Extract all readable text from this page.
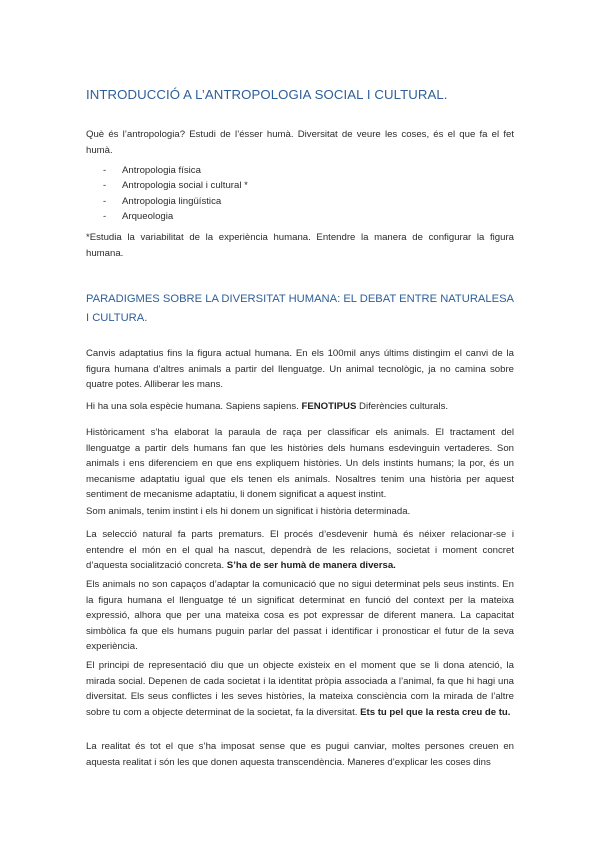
INTRODUCCIÓ A L’ANTROPOLOGIA SOCIAL I CULTURAL.

Què és l’antropologia? Estudi de l’ésser humà. Diversitat de veure les coses, és el que fa el fet humà.

- Antropologia física
- Antropologia social i cultural *
- Antropologia lingüística
- Arqueologia

*Estudia la variabilitat de la experiència humana. Entendre la manera de configurar la figura humana.

PARADIGMES SOBRE LA DIVERSITAT HUMANA: EL DEBAT ENTRE NATURALESA I CULTURA.

Canvis adaptatius fins la figura actual humana. En els 100mil anys últims distingim el canvi de la figura humana d’altres animals a partir del llenguatge. Un animal tecnològic, ja no camina sobre quatre potes. Alliberar les mans.

Hi ha una sola espècie humana. Sapiens sapiens. FENOTIPUS Diferències culturals.

Històricament s’ha elaborat la paraula de raça per classificar els animals. El tractament del llenguatge a partir dels humans fan que les històries dels humans esdevinguin vertaderes. Son animals i ens diferenciem en que ens expliquem històries. Un dels instints humans; la por, és un mecanisme adaptatiu igual que els tenen els animals. Nosaltres tenim una història per aquest sentiment de mecanisme adaptatiu, li donem significat a aquest instint.

Som animals, tenim instint i els hi donem un significat i història determinada.

La selecció natural fa parts prematurs. El procés d’esdevenir humà és néixer relacionar-se i entendre el món en el qual ha nascut, dependrà de les relacions, societat i moment concret d’aquesta socialització concreta. S’ha de ser humà de manera diversa.

Els animals no son capaços d’adaptar la comunicació que no sigui determinat pels seus instints. En la figura humana el llenguatge té un significat determinat en funció del context per la mateixa expressió, alhora que per una mateixa cosa es pot expressar de diferent manera. La capacitat simbòlica fa que els humans puguin parlar del passat i identificar i pronosticar el futur de la seva experiència.

El principi de representació diu que un objecte existeix en el moment que se li dona atenció, la mirada social. Depenen de cada societat i la identitat pròpia associada a l’animal, fa que hi hagi una diversitat. Els seus conflictes i les seves històries, la mateixa consciència com la mirada de l’altre sobre tu com a objecte determinat de la societat, fa la diversitat. Ets tu pel que la resta creu de tu.

La realitat és tot el que s’ha imposat sense que es pugui canviar, moltes persones creuen en aquesta realitat i són les que donen aquesta transcendència. Maneres d’explicar les coses dins
